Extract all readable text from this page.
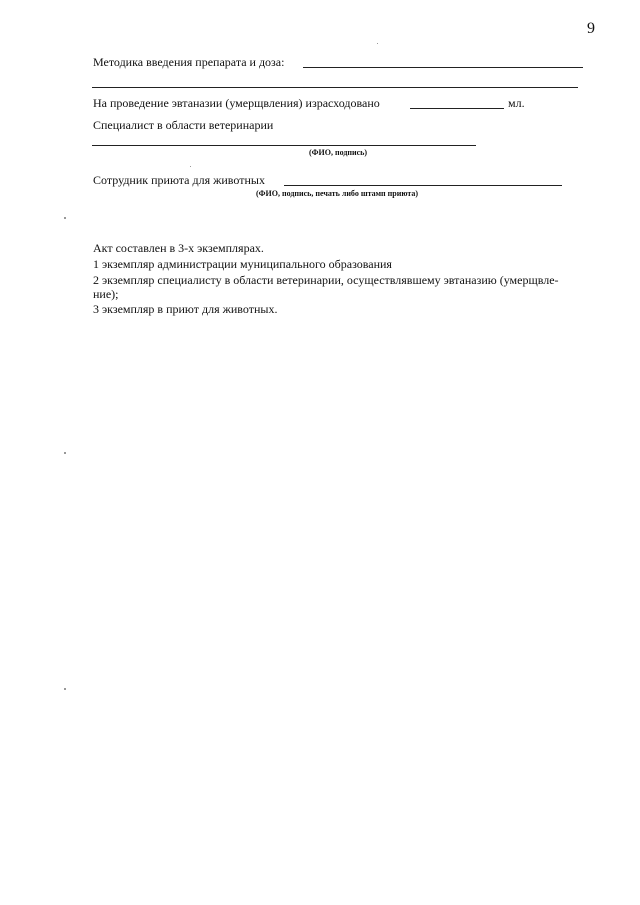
9
Методика введения препарата и доза:
На проведение эвтаназии (умерщвления) израсходовано	мл.
Специалист в области ветеринарии
(ФИО, подпись)
Сотрудник приюта для животных
(ФИО, подпись, печать либо штамп приюта)
Акт составлен в 3-х экземплярах.
1 экземпляр администрации муниципального образования
2 экземпляр специалисту в области ветеринарии, осуществлявшему эвтаназию (умерщвле-
ние);
3 экземпляр в приют для животных.
